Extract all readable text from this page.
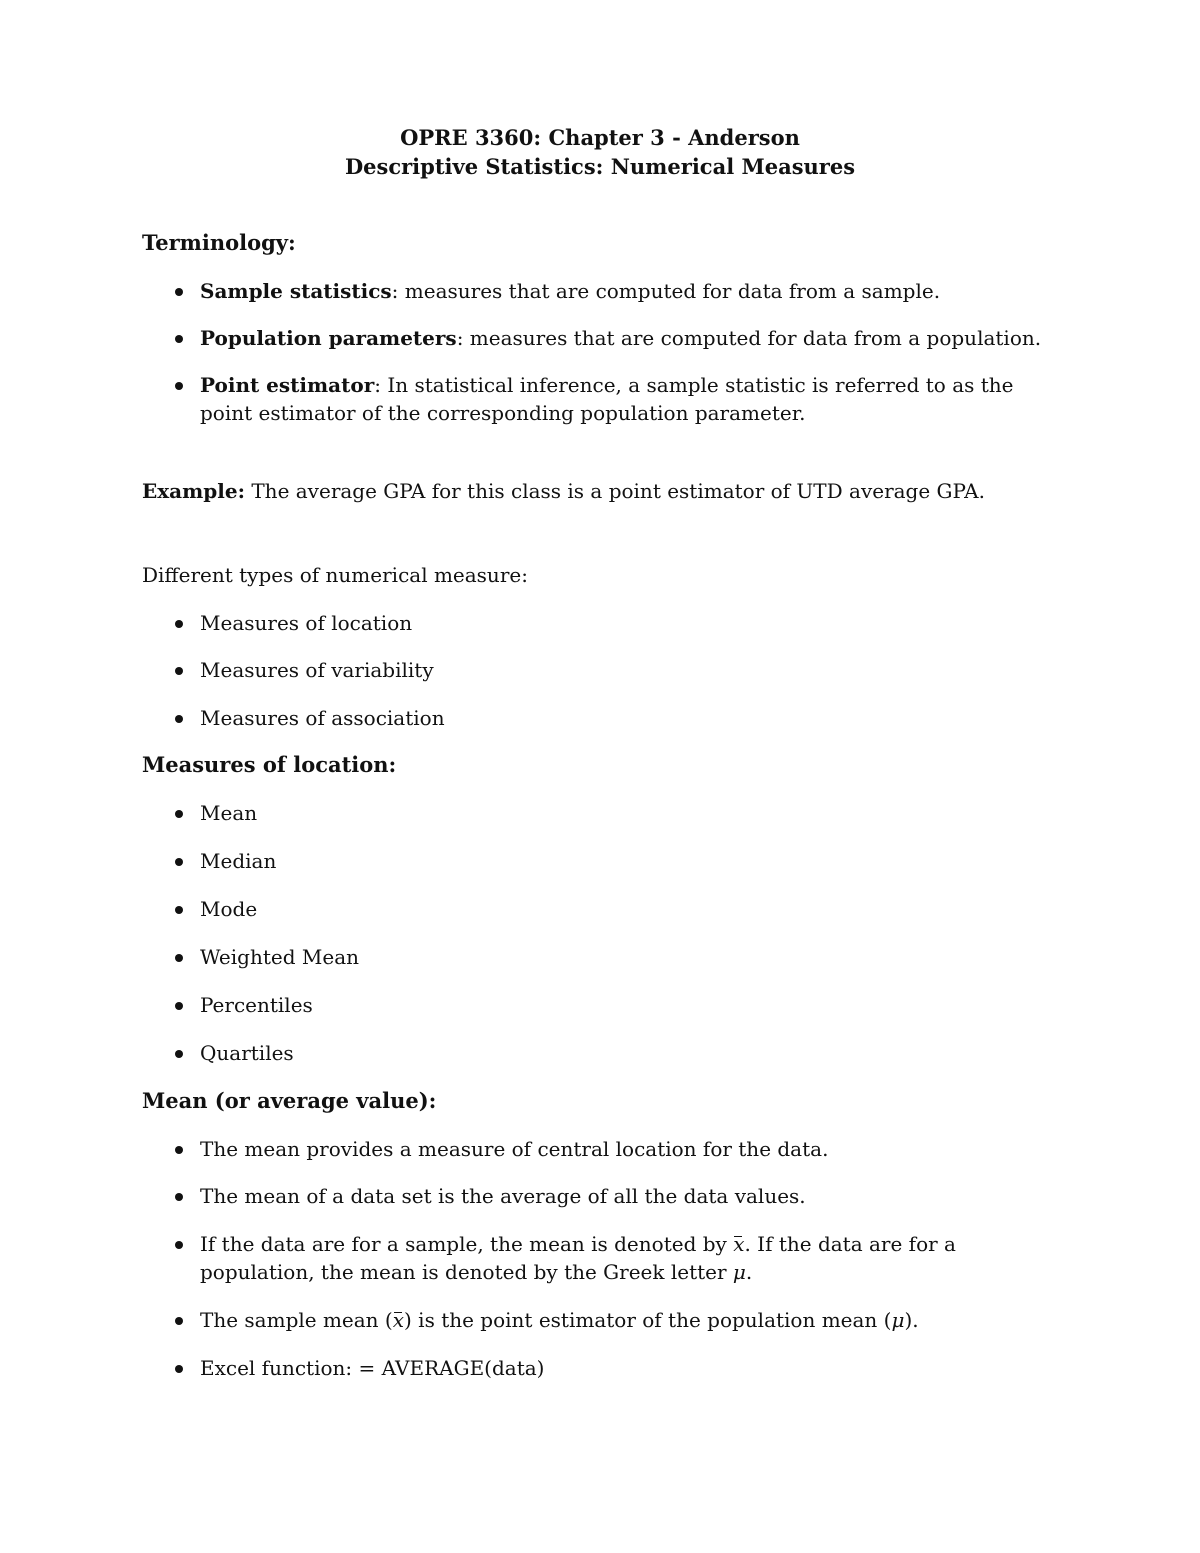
OPRE 3360: Chapter 3 - Anderson
Descriptive Statistics: Numerical Measures
Terminology:
Sample statistics: measures that are computed for data from a sample.
Population parameters: measures that are computed for data from a population.
Point estimator: In statistical inference, a sample statistic is referred to as the point estimator of the corresponding population parameter.
Example: The average GPA for this class is a point estimator of UTD average GPA.
Different types of numerical measure:
Measures of location
Measures of variability
Measures of association
Measures of location:
Mean
Median
Mode
Weighted Mean
Percentiles
Quartiles
Mean (or average value):
The mean provides a measure of central location for the data.
The mean of a data set is the average of all the data values.
If the data are for a sample, the mean is denoted by x. If the data are for a population, the mean is denoted by the Greek letter μ.
The sample mean (x) is the point estimator of the population mean (μ).
Excel function: = AVERAGE(data)
